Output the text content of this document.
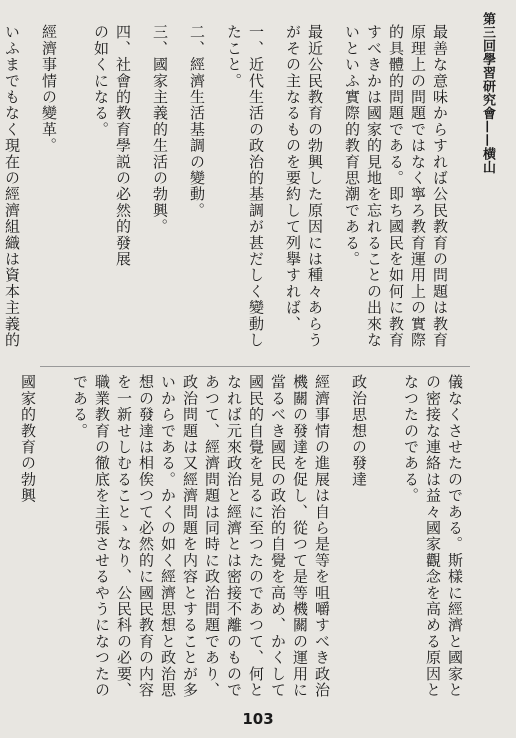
第三回學習研究會——横山

最善な意味からすれば公民教育の問題は教育原理上の問題ではなく寧ろ教育運用上の實際的具體的問題である。即ち國民を如何に教育すべきかは國家的見地を忘れることの出來ないといふ實際的教育思潮である。

最近公民教育の勃興した原因には種々あらうがその主なるものを要約して列擧すれば、

一、近代生活の政治的基調が甚だしく變動したこと。

二、經濟生活基調の變動。

三、國家主義的生活の勃興。

四、社會的教育學説の必然的發展

の如くになる。

經濟事情の變革。

いふまでもなく現在の經濟組織は資本主義的

儀なくさせたのである。斯樣に經濟と國家との密接な連絡は益々國家觀念を高める原因となつたのである。

政治思想の發達

經濟事情の進展は自ら是等を咀嚼すべき政治機關の發達を促し、從つて是等機關の運用に當るべき國民の政治的自覺を高め、かくして國民的自覺を見るに至つたのであつて、何となれば元來政治と經濟とは密接不離のものであつて、經濟問題は同時に政治問題であり、政治問題は又經濟問題を内容とすることが多いからである。かくの如く經濟思想と政治思想の發達は相俟つて必然的に國民教育の内容を一新せしむることゝなり、公民科の必要、職業教育の徹底を主張させるやうになつたのである。

國家的教育の勃興

103
